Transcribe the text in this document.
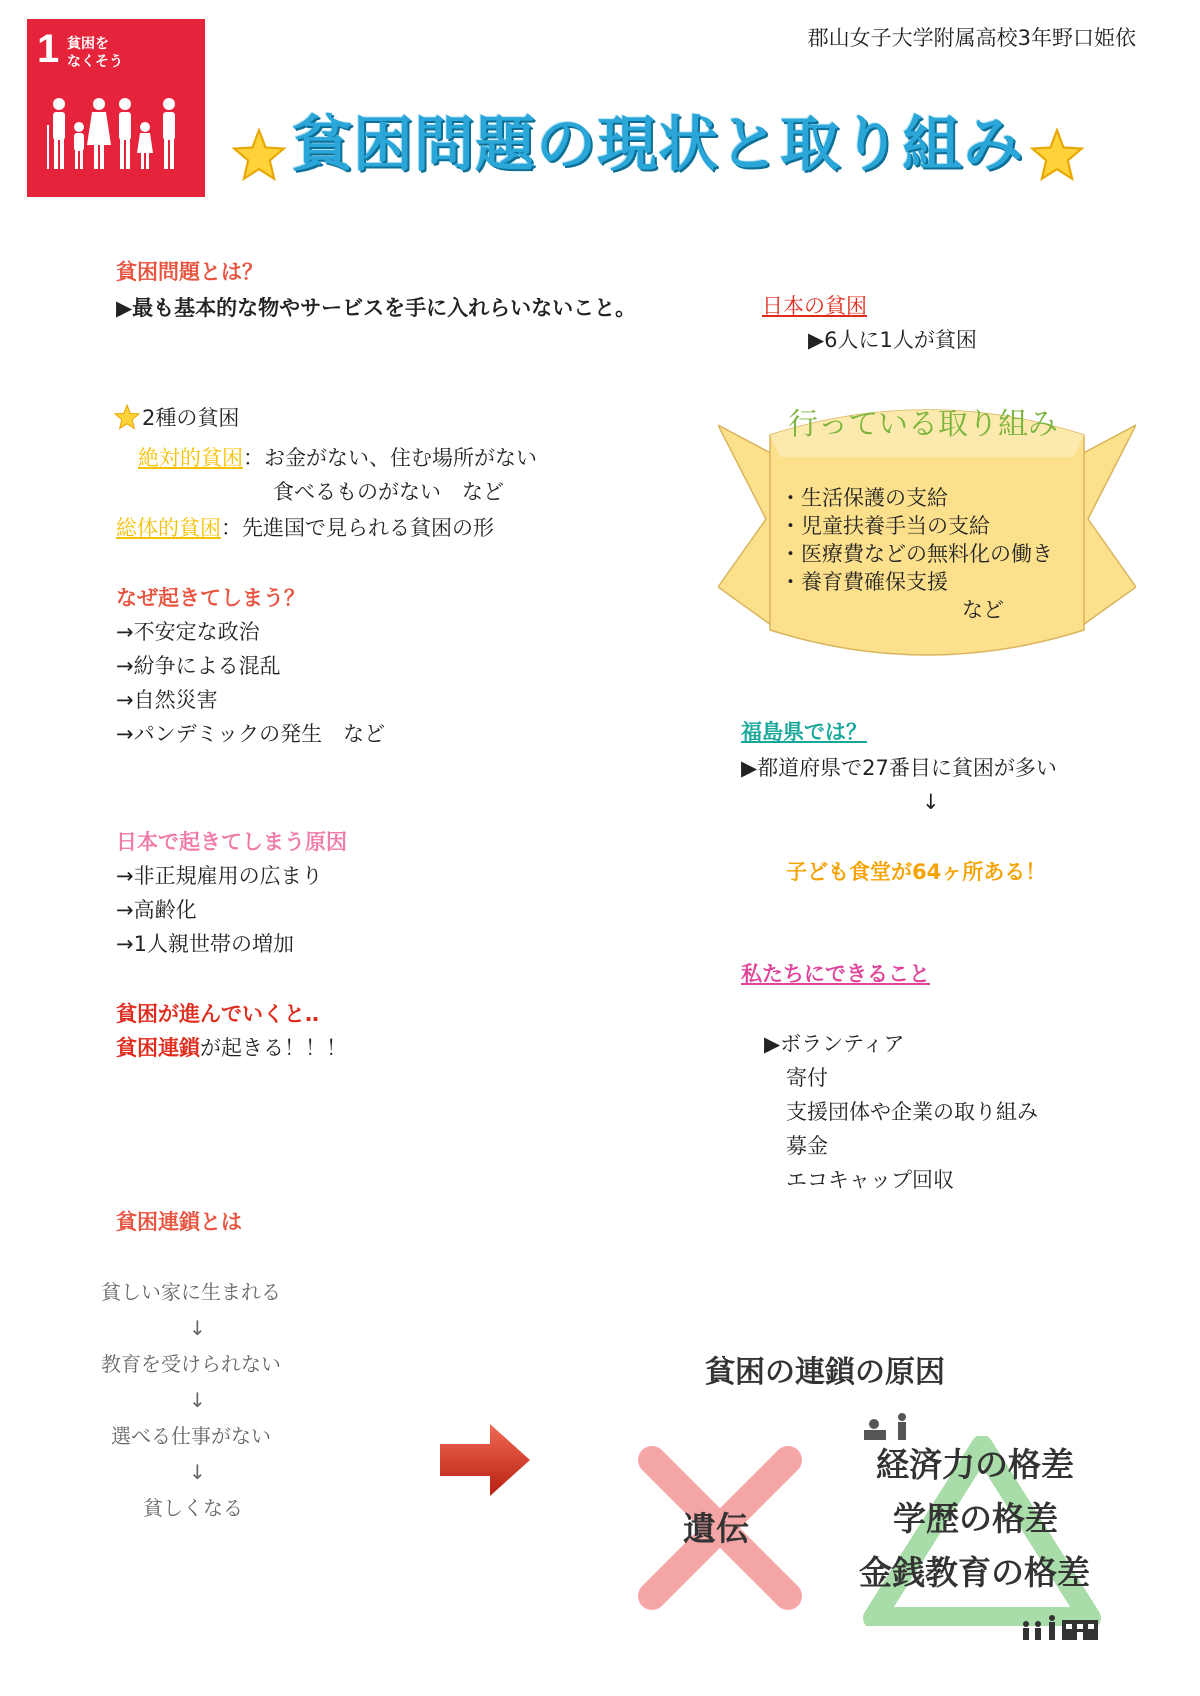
1 貧困を
なくそう
郡山女子大学附属高校3年野口姫依
貧困問題の現状と取り組み
貧困問題とは？
▶最も基本的な物やサービスを手に入れらいないこと。
2種の貧困
絶対的貧困：お金がない、住む場所がない
食べるものがない　など
総体的貧困：先進国で見られる貧困の形
なぜ起きてしまう？
→不安定な政治
→紛争による混乱
→自然災害
→パンデミックの発生　など
日本で起きてしまう原因
→非正規雇用の広まり
→高齢化
→1人親世帯の増加
貧困が進んでいくと‥
貧困連鎖が起きる！！！
貧困連鎖とは
貧しい家に生まれる
↓
教育を受けられない
↓
選べる仕事がない
↓
貧しくなる
日本の貧困
▶6人に1人が貧困
行っている取り組み
・生活保護の支給
・児童扶養手当の支給
・医療費などの無料化の働き
・養育費確保支援
など
福島県では？
▶都道府県で27番目に貧困が多い
↓
子ども食堂が64ヶ所ある！
私たちにできること
▶ボランティア
寄付
支援団体や企業の取り組み
募金
エコキャップ回収
貧困の連鎖の原因
遺伝
経済力の格差
学歴の格差
金銭教育の格差
